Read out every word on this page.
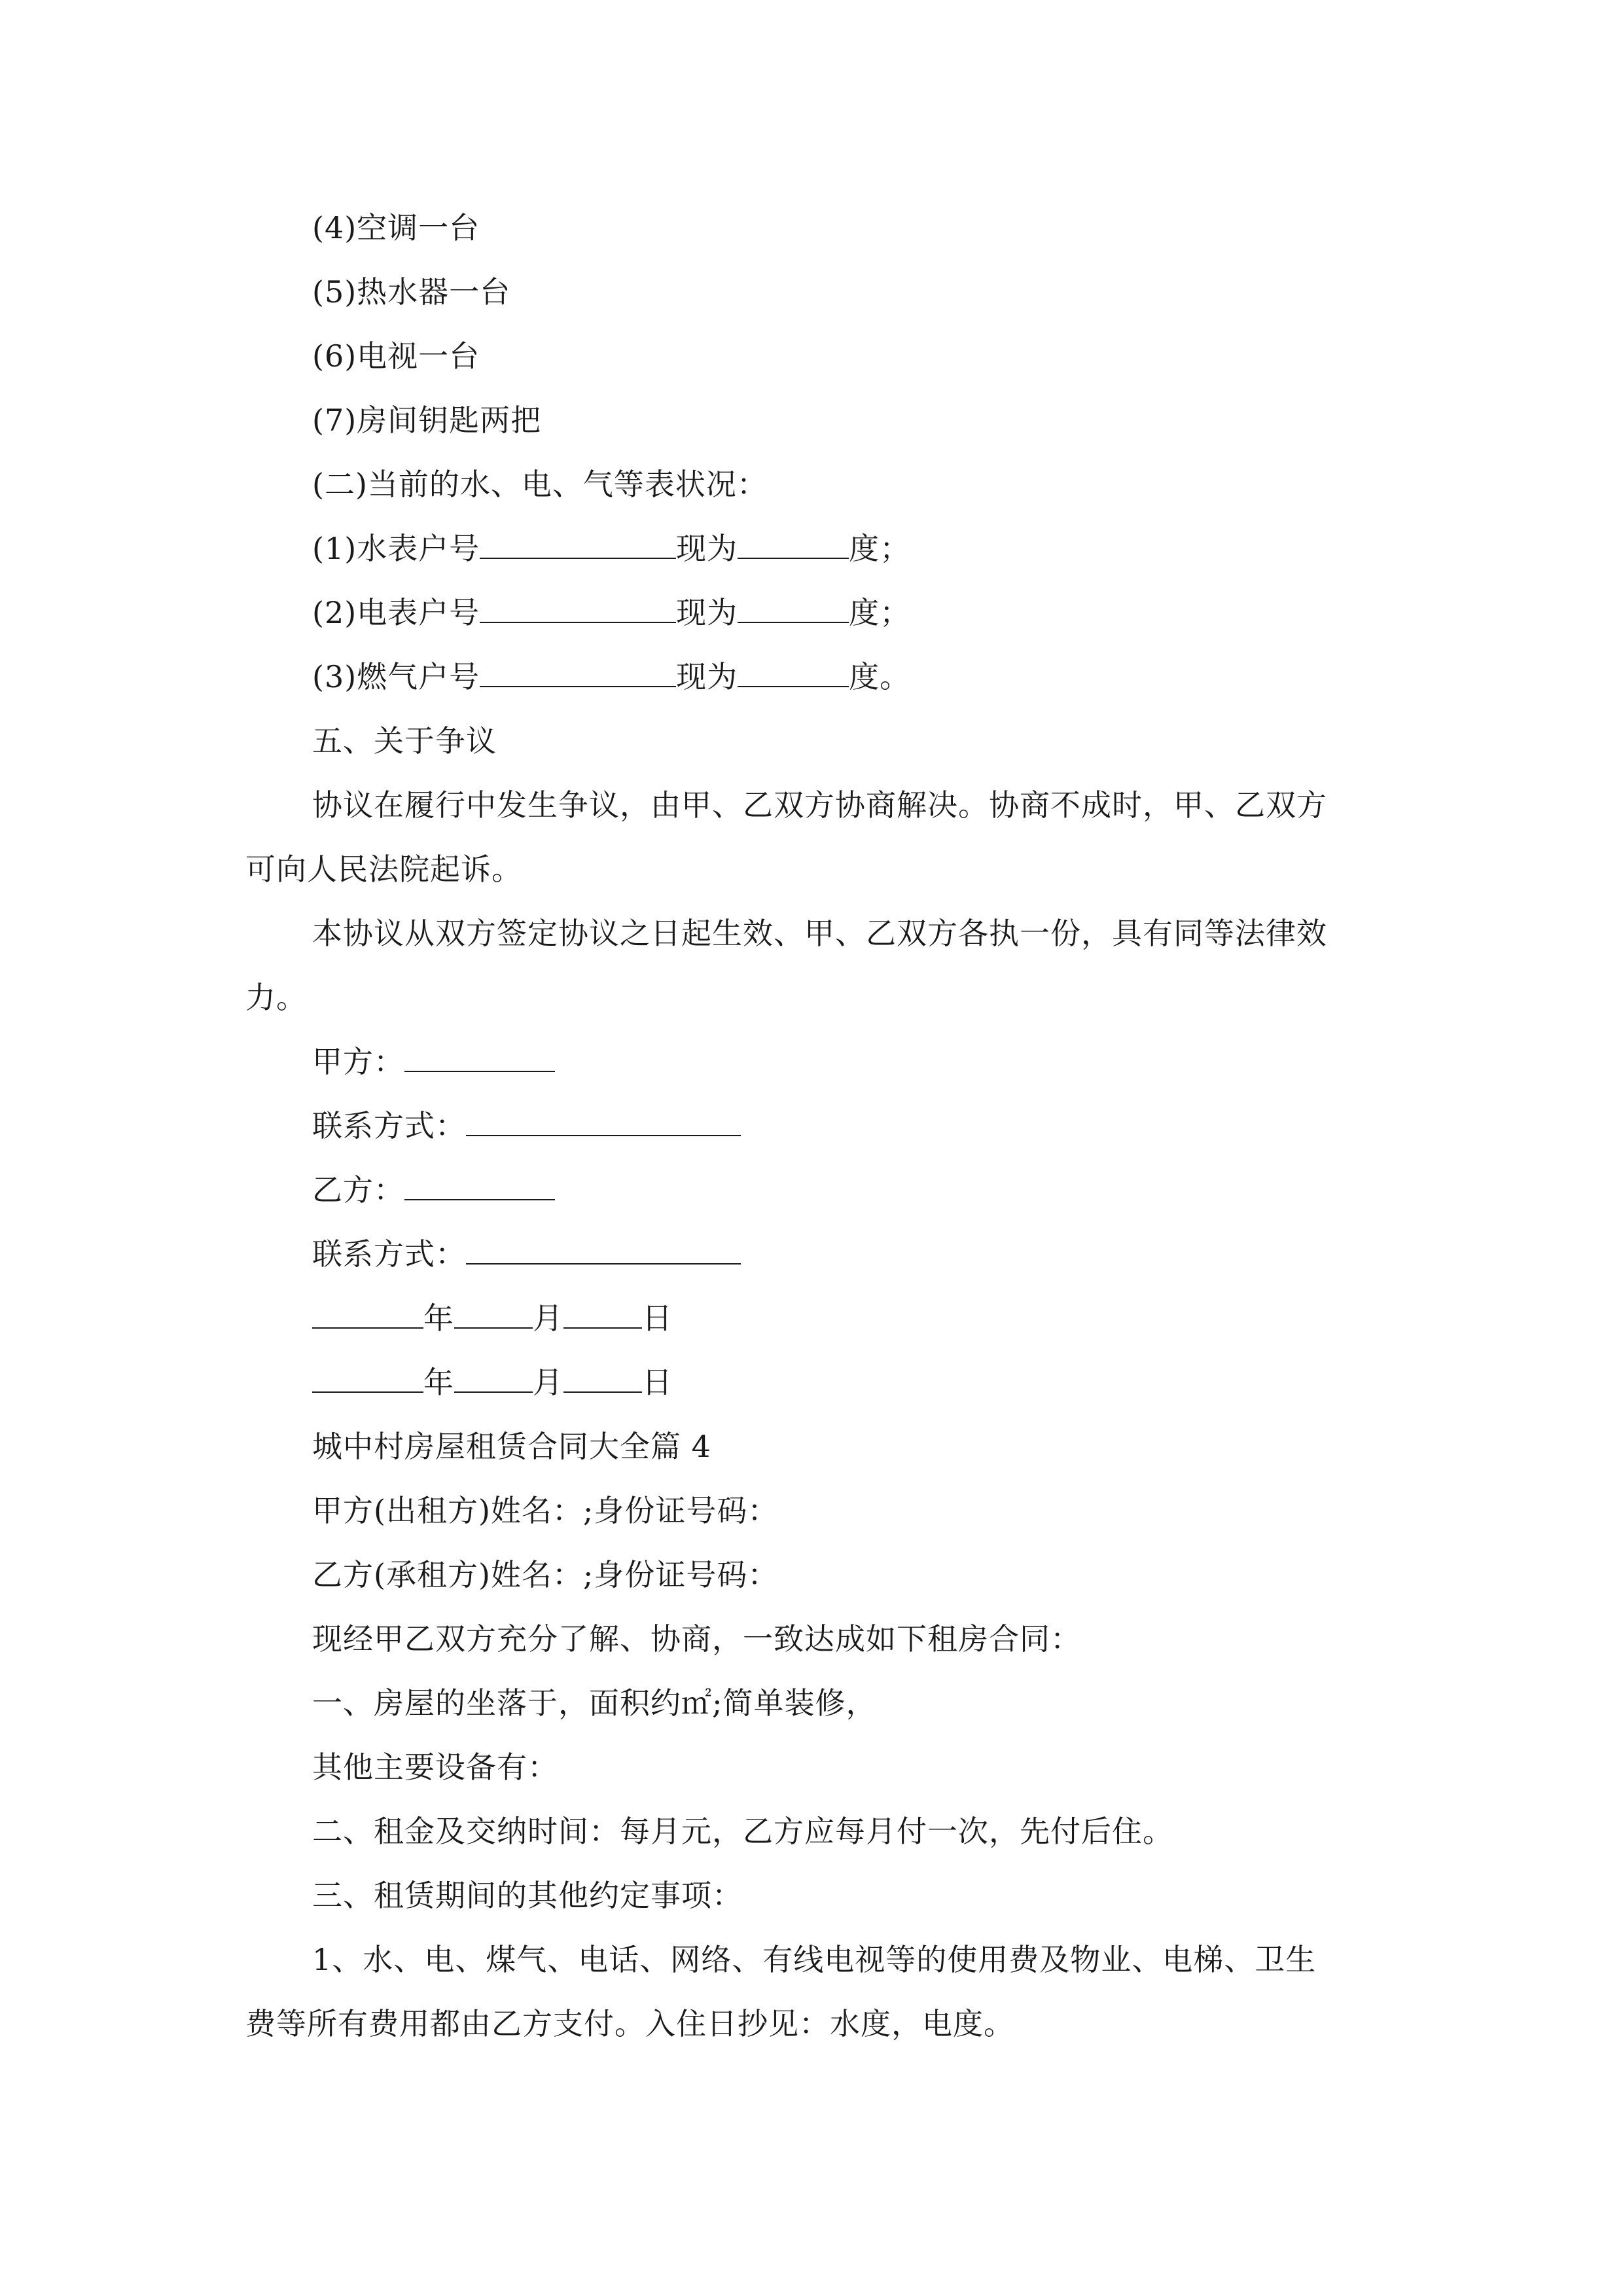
(4)空调一台
(5)热水器一台
(6)电视一台
(7)房间钥匙两把
(二)当前的水、电、气等表状况：
(1)水表户号	现为	度；
(2)电表户号	现为	度；
(3)燃气户号	现为	度。
五、关于争议
协议在履行中发生争议，由甲、乙双方协商解决。协商不成时，甲、乙双方
可向人民法院起诉。
本协议从双方签定协议之日起生效、甲、乙双方各执一份，具有同等法律效
力。
甲方：
联系方式：
乙方：
联系方式：
年	月	日
年	月	日
城中村房屋租赁合同大全篇 4
甲方(出租方)姓名：;身份证号码：
乙方(承租方)姓名：;身份证号码：
现经甲乙双方充分了解、协商，一致达成如下租房合同：
一、房屋的坐落于，面积约㎡;简单装修，
其他主要设备有：
二、租金及交纳时间：每月元，乙方应每月付一次，先付后住。
三、租赁期间的其他约定事项：
1、水、电、煤气、电话、网络、有线电视等的使用费及物业、电梯、卫生
费等所有费用都由乙方支付。入住日抄见：水度，电度。
